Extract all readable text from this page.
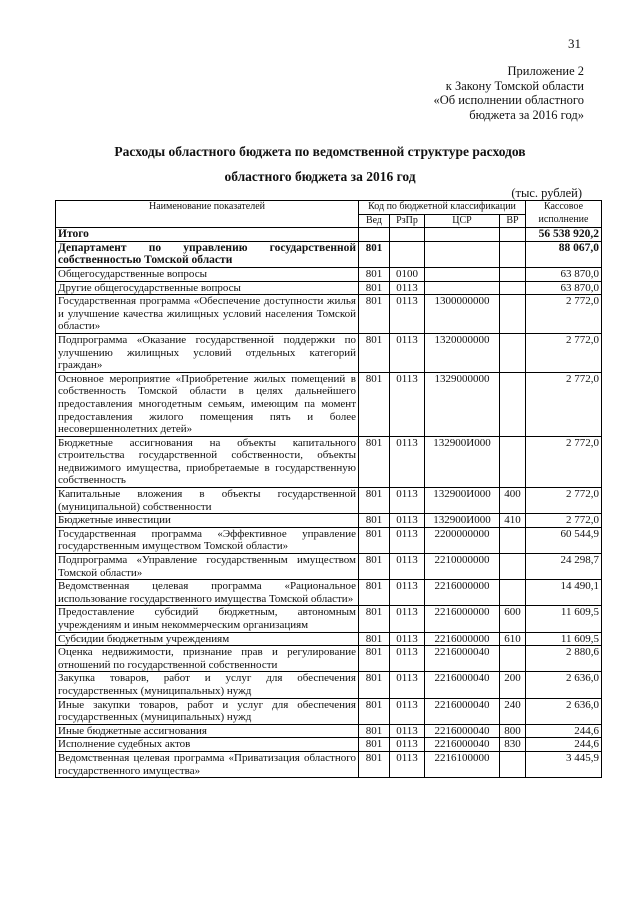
31
Приложение 2
к Закону Томской области
«Об исполнении областного
бюджета за 2016 год»
Расходы областного бюджета по ведомственной структуре расходов
областного бюджета за 2016 год
(тыс. рублей)
Наименование показателей	Код по бюджетной классификации				Кассовое исполнение
	Вед	РзПр	ЦСР	ВР	
Итого					56 538 920,2
Департамент по управлению государственной собственностью Томской области	801				88 067,0
Общегосударственные вопросы	801	0100			63 870,0
Другие общегосударственные вопросы	801	0113			63 870,0
Государственная программа «Обеспечение доступности жилья и улучшение качества жилищных условий населения Томской области»	801	0113	1300000000		2 772,0
Подпрограмма «Оказание государственной поддержки по улучшению жилищных условий отдельных категорий граждан»	801	0113	1320000000		2 772,0
Основное мероприятие «Приобретение жилых помещений в собственность Томской области в целях дальнейшего предоставления многодетным семьям, имеющим па момент предоставления жилого помещения пять и более несовершеннолетних детей»	801	0113	1329000000		2 772,0
Бюджетные ассигнования на объекты капитального строительства государственной собственности, объекты недвижимого имущества, приобретаемые в государственную собственность	801	0113	132900И000		2 772,0
Капитальные вложения в объекты государственной (муниципальной) собственности	801	0113	132900И000	400	2 772,0
Бюджетные инвестиции	801	0113	132900И000	410	2 772,0
Государственная программа «Эффективное управление государственным имуществом Томской области»	801	0113	2200000000		60 544,9
Подпрограмма «Управление государственным имуществом Томской области»	801	0113	2210000000		24 298,7
Ведомственная целевая программа «Рациональное использование государственного имущества Томской области»	801	0113	2216000000		14 490,1
Предоставление субсидий бюджетным, автономным учреждениям и иным некоммерческим организациям	801	0113	2216000000	600	11 609,5
Субсидии бюджетным учреждениям	801	0113	2216000000	610	11 609,5
Оценка недвижимости, признание прав и регулирование отношений по государственной собственности	801	0113	2216000040		2 880,6
Закупка товаров, работ и услуг для обеспечения государственных (муниципальных) нужд	801	0113	2216000040	200	2 636,0
Иные закупки товаров, работ и услуг для обеспечения государственных (муниципальных) нужд	801	0113	2216000040	240	2 636,0
Иные бюджетные ассигнования	801	0113	2216000040	800	244,6
Исполнение судебных актов	801	0113	2216000040	830	244,6
Ведомственная целевая программа «Приватизация областного государственного имущества»	801	0113	2216100000		3 445,9
